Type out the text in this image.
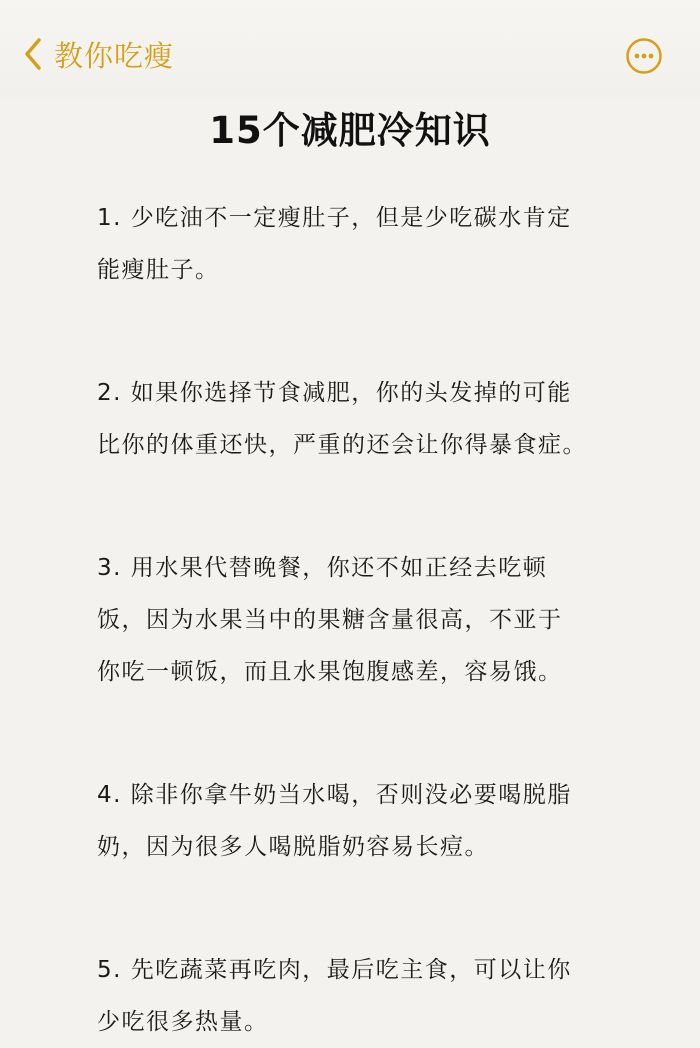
教你吃瘦
15个减肥冷知识

1. 少吃油不一定瘦肚子，但是少吃碳水肯定
能瘦肚子。

2. 如果你选择节食减肥，你的头发掉的可能
比你的体重还快，严重的还会让你得暴食症。

3. 用水果代替晚餐，你还不如正经去吃顿
饭，因为水果当中的果糖含量很高，不亚于
你吃一顿饭，而且水果饱腹感差，容易饿。

4. 除非你拿牛奶当水喝，否则没必要喝脱脂
奶，因为很多人喝脱脂奶容易长痘。

5. 先吃蔬菜再吃肉，最后吃主食，可以让你
少吃很多热量。
